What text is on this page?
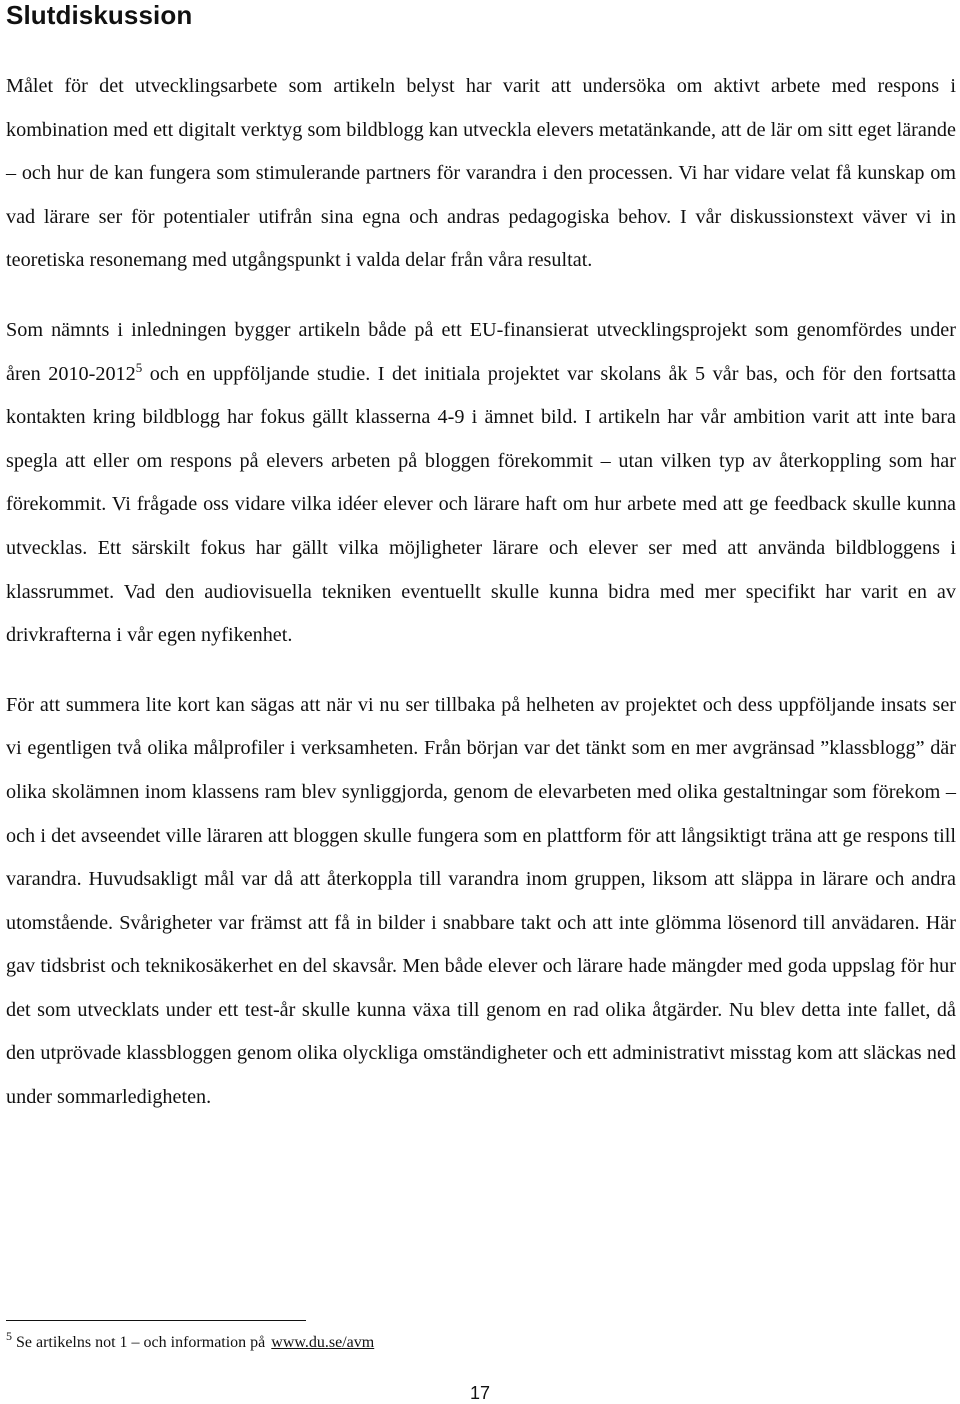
Slutdiskussion

Målet för det utvecklingsarbete som artikeln belyst har varit att undersöka om aktivt arbete med respons i kombination med ett digitalt verktyg som bildblogg kan utveckla elevers metatänkande, att de lär om sitt eget lärande – och hur de kan fungera som stimulerande partners för varandra i den processen. Vi har vidare velat få kunskap om vad lärare ser för potentialer utifrån sina egna och andras pedagogiska behov. I vår diskussionstext väver vi in teoretiska resonemang med utgångspunkt i valda delar från våra resultat.

Som nämnts i inledningen bygger artikeln både på ett EU-finansierat utvecklingsprojekt som genomfördes under åren 2010-2012$^5$ och en uppföljande studie. I det initiala projektet var skolans åk 5 vår bas, och för den fortsatta kontakten kring bildblogg har fokus gällt klasserna 4-9 i ämnet bild. I artikeln har vår ambition varit att inte bara spegla att eller om respons på elevers arbeten på bloggen förekommit – utan vilken typ av återkoppling som har förekommit. Vi frågade oss vidare vilka idéer elever och lärare haft om hur arbete med att ge feedback skulle kunna utvecklas. Ett särskilt fokus har gällt vilka möjligheter lärare och elever ser med att använda bildbloggens i klassrummet. Vad den audiovisuella tekniken eventuellt skulle kunna bidra med mer specifikt har varit en av drivkrafterna i vår egen nyfikenhet.

För att summera lite kort kan sägas att när vi nu ser tillbaka på helheten av projektet och dess uppföljande insats ser vi egentligen två olika målprofiler i verksamheten. Från början var det tänkt som en mer avgränsad ”klassblogg” där olika skolämnen inom klassens ram blev synliggjorda, genom de elevarbeten med olika gestaltningar som förekom – och i det avseendet ville läraren att bloggen skulle fungera som en plattform för att långsiktigt träna att ge respons till varandra. Huvudsakligt mål var då att återkoppla till varandra inom gruppen, liksom att släppa in lärare och andra utomstående. Svårigheter var främst att få in bilder i snabbare takt och att inte glömma lösenord till anvädaren. Här gav tidsbrist och teknikosäkerhet en del skavsår. Men både elever och lärare hade mängder med goda uppslag för hur det som utvecklats under ett test-år skulle kunna växa till genom en rad olika åtgärder. Nu blev detta inte fallet, då den utprövade klassbloggen genom olika olyckliga omständigheter och ett administrativt misstag kom att släckas ned under sommarledigheten.

$^5$ Se artikelns not 1 – och information på www.du.se/avm
17
